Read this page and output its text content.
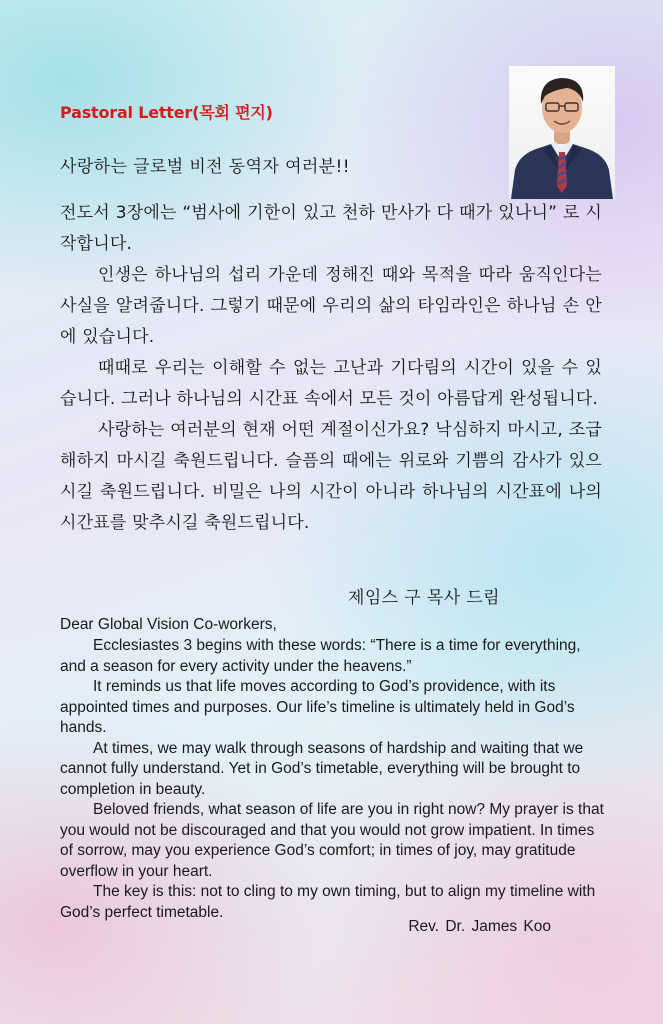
Pastoral Letter(목회 편지)
사랑하는 글로벌 비전 동역자 여러분!!

전도서 3장에는 “범사에 기한이 있고 천하 만사가 다 때가 있나니” 로 시작합니다.

인생은 하나님의 섭리 가운데 정해진 때와 목적을 따라 움직인다는 사실을 알려줍니다. 그렇기 때문에 우리의 삶의 타임라인은 하나님 손 안에 있습니다.

때때로 우리는 이해할 수 없는 고난과 기다림의 시간이 있을 수 있습니다. 그러나 하나님의 시간표 속에서 모든 것이 아름답게 완성됩니다.

사랑하는 여러분의 현재 어떤 계절이신가요? 낙심하지 마시고, 조급해하지 마시길 축원드립니다. 슬픔의 때에는 위로와 기쁨의 감사가 있으시길 축원드립니다. 비밀은 나의 시간이 아니라 하나님의 시간표에 나의 시간표를 맞추시길 축원드립니다.

제임스 구 목사 드림
Dear Global Vision Co-workers,

Ecclesiastes 3 begins with these words: “There is a time for everything, and a season for every activity under the heavens.”

It reminds us that life moves according to God’s providence, with its appointed times and purposes. Our life’s timeline is ultimately held in God’s hands.

At times, we may walk through seasons of hardship and waiting that we cannot fully understand. Yet in God’s timetable, everything will be brought to completion in beauty.

Beloved friends, what season of life are you in right now? My prayer is that you would not be discouraged and that you would not grow impatient. In times of sorrow, may you experience God’s comfort; in times of joy, may gratitude overflow in your heart.

The key is this: not to cling to my own timing, but to align my timeline with God’s perfect timetable.

Rev. Dr. James Koo
